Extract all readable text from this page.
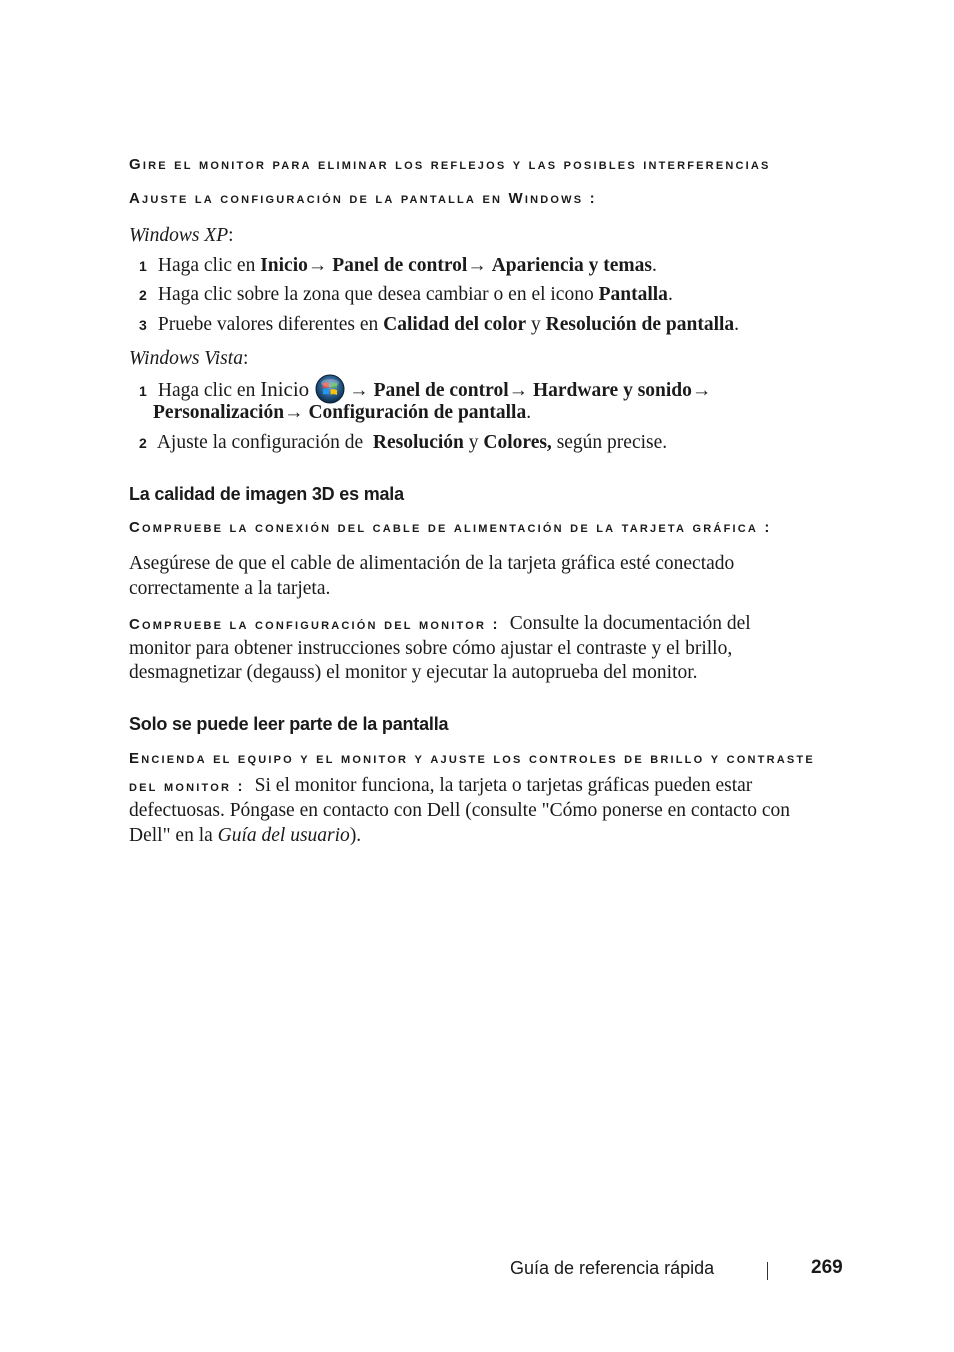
Gire el monitor para eliminar los reflejos y las posibles interferencias
Ajuste la configuración de la pantalla en Windows :
Windows XP:
1 Haga clic en Inicio→ Panel de control→ Apariencia y temas.
2 Haga clic sobre la zona que desea cambiar o en el icono Pantalla.
3 Pruebe valores diferentes en Calidad del color y Resolución de pantalla.
Windows Vista:
1 Haga clic en Inicio → Panel de control→ Hardware y sonido→
Personalización→ Configuración de pantalla.
2 Ajuste la configuración de  Resolución y Colores, según precise.
La calidad de imagen 3D es mala
Compruebe la conexión del cable de alimentación de la tarjeta gráfica :
Asegúrese de que el cable de alimentación de la tarjeta gráfica esté conectado
correctamente a la tarjeta.
Compruebe la configuración del monitor : Consulte la documentación del
monitor para obtener instrucciones sobre cómo ajustar el contraste y el brillo,
desmagnetizar (degauss) el monitor y ejecutar la autoprueba del monitor.
Solo se puede leer parte de la pantalla
Encienda el equipo y el monitor y ajuste los controles de brillo y contraste
del monitor : Si el monitor funciona, la tarjeta o tarjetas gráficas pueden estar
defectuosas. Póngase en contacto con Dell (consulte "Cómo ponerse en contacto con
Dell" en la Guía del usuario).
Guía de referencia rápida	269
